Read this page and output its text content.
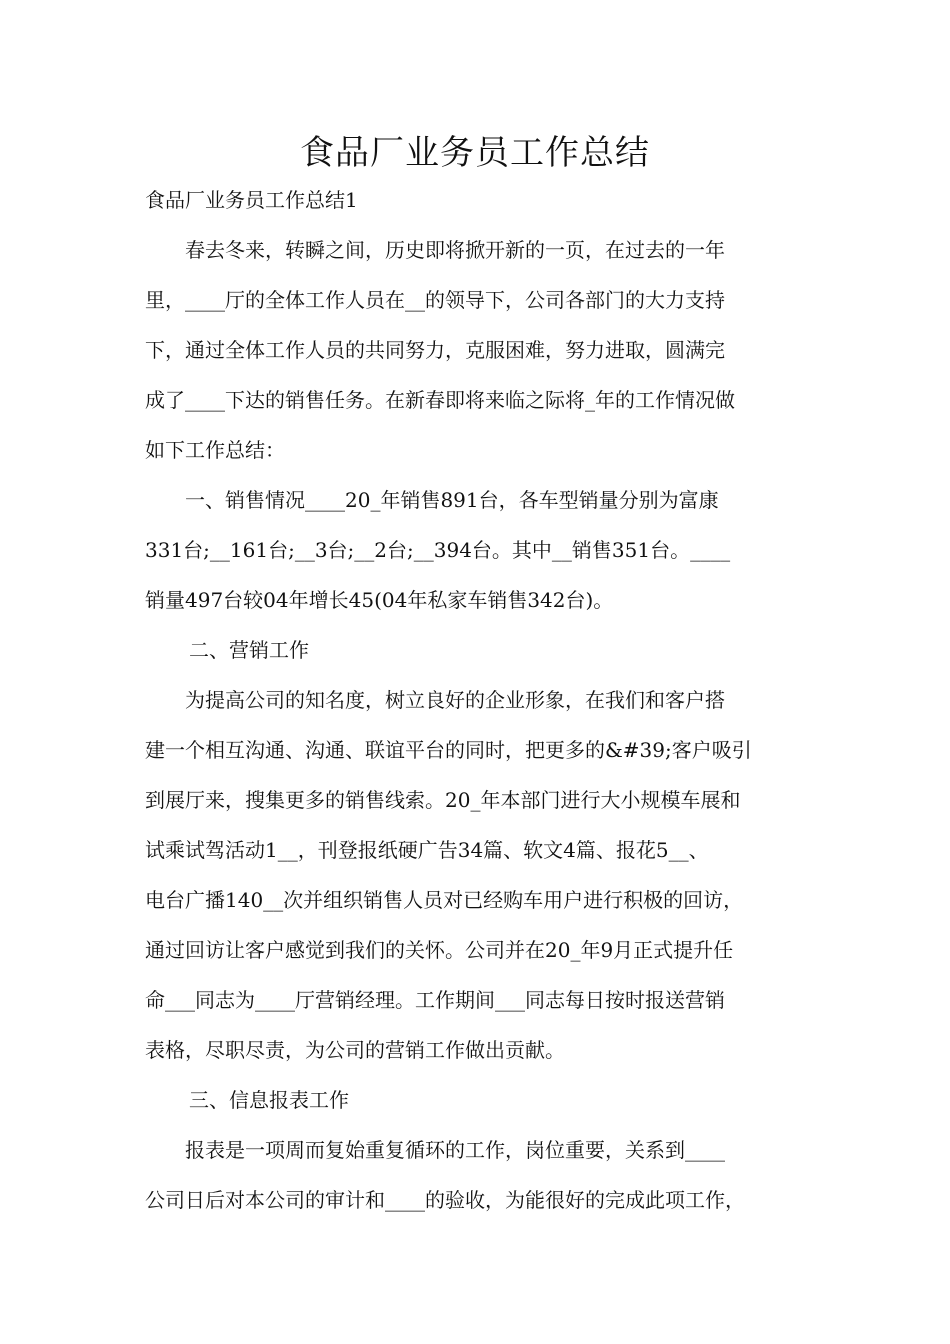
食品厂业务员工作总结

食品厂业务员工作总结1

春去冬来，转瞬之间，历史即将掀开新的一页，在过去的一年
里，____厅的全体工作人员在__的领导下，公司各部门的大力支持
下，通过全体工作人员的共同努力，克服困难，努力进取，圆满完
成了____下达的销售任务。在新春即将来临之际将_年的工作情况做
如下工作总结：

一、销售情况____20_年销售891台，各车型销量分别为富康
331台;__161台;__3台;__2台;__394台。其中__销售351台。____
销量497台较04年增长45(04年私家车销售342台)。

二、营销工作

为提高公司的知名度，树立良好的企业形象，在我们和客户搭
建一个相互沟通、沟通、联谊平台的同时，把更多的&#39;客户吸引
到展厅来，搜集更多的销售线索。20_年本部门进行大小规模车展和
试乘试驾活动1__，刊登报纸硬广告34篇、软文4篇、报花5__、
电台广播140__次并组织销售人员对已经购车用户进行积极的回访，
通过回访让客户感觉到我们的关怀。公司并在20_年9月正式提升任
命___同志为____厅营销经理。工作期间___同志每日按时报送营销
表格，尽职尽责，为公司的营销工作做出贡献。

三、信息报表工作

报表是一项周而复始重复循环的工作，岗位重要，关系到____
公司日后对本公司的审计和____的验收，为能很好的完成此项工作，
